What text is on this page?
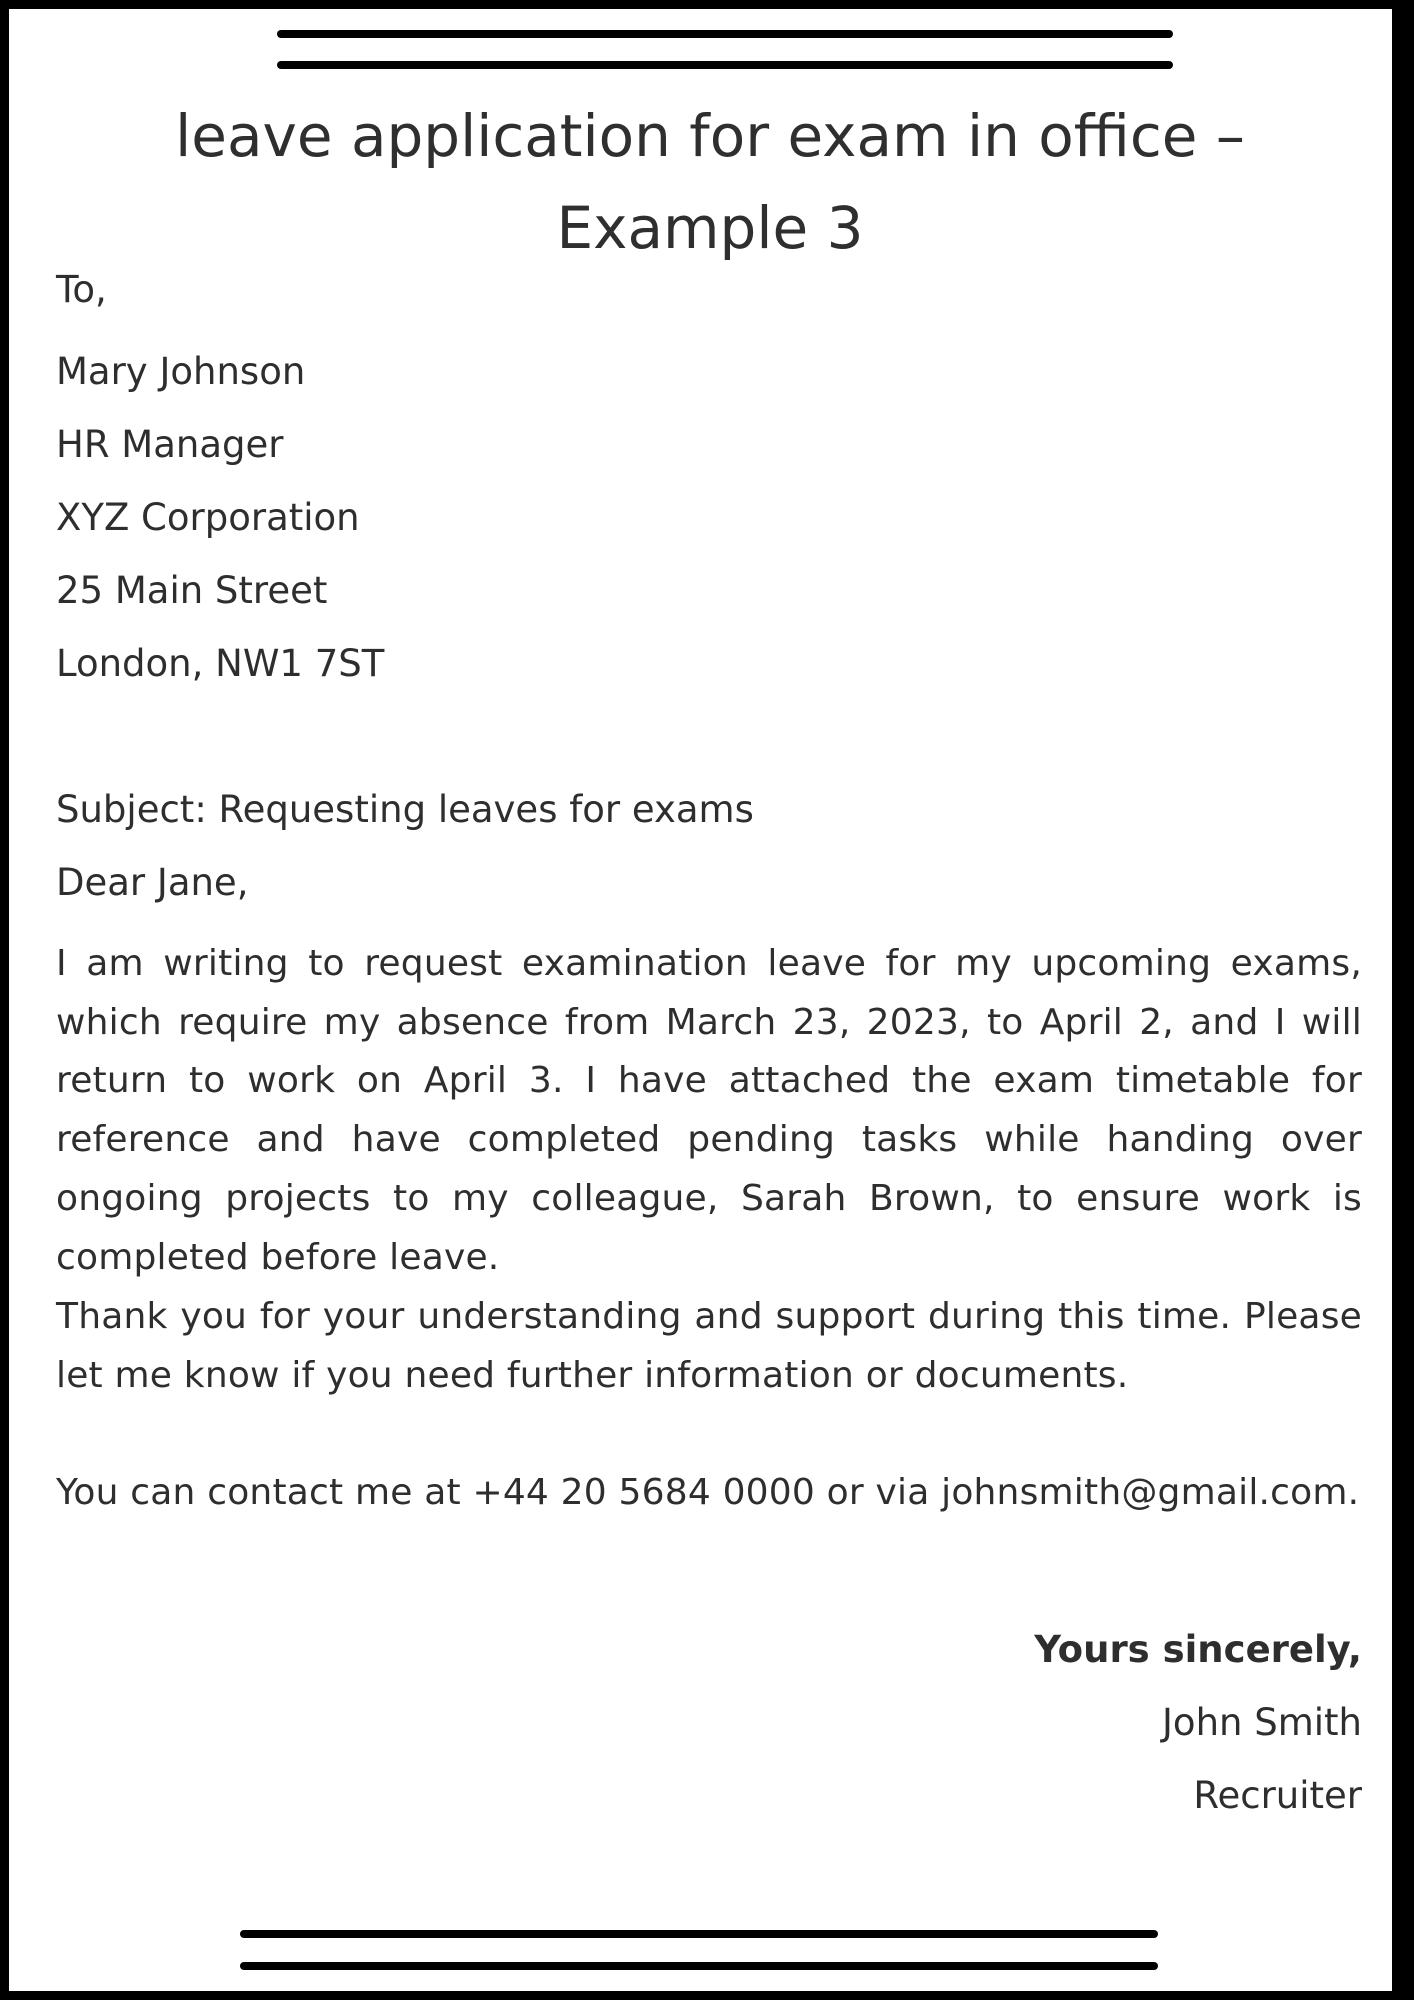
leave application for exam in office – Example 3
To,
Mary Johnson
HR Manager
XYZ Corporation
25 Main Street
London, NW1 7ST
Subject: Requesting leaves for exams
Dear Jane,

I am writing to request examination leave for my upcoming exams, which require my absence from March 23, 2023, to April 2, and I will return to work on April 3. I have attached the exam timetable for reference and have completed pending tasks while handing over ongoing projects to my colleague, Sarah Brown, to ensure work is completed before leave.

Thank you for your understanding and support during this time. Please let me know if you need further information or documents.

You can contact me at +44 20 5684 0000 or via johnsmith@gmail.com.

Yours sincerely,
John Smith
Recruiter
